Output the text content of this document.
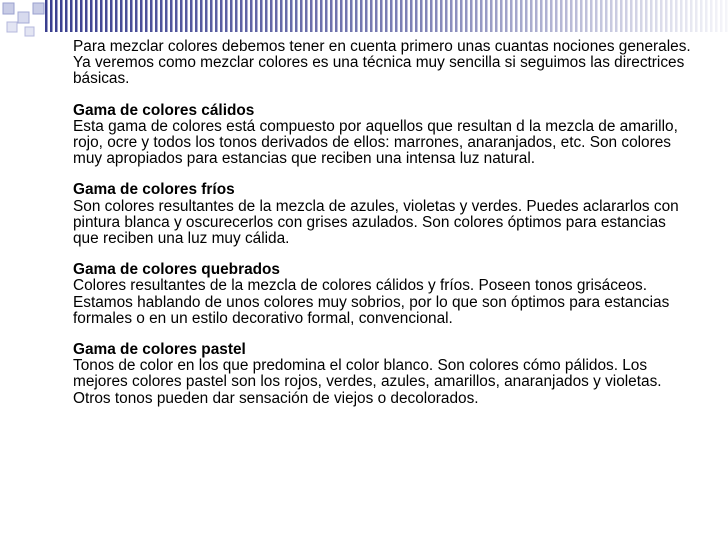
Para mezclar colores debemos tener en cuenta primero unas cuantas nociones generales. Ya veremos como mezclar colores es una técnica muy sencilla si seguimos las directrices básicas.

Gama de colores cálidos
Esta gama de colores está compuesto por aquellos que resultan d la mezcla de amarillo, rojo, ocre y todos los tonos derivados de ellos: marrones, anaranjados, etc. Son colores muy apropiados para estancias que reciben una intensa luz natural.

Gama de colores fríos
Son colores resultantes de la mezcla de azules, violetas y verdes. Puedes aclararlos con pintura blanca y oscurecerlos con grises azulados. Son colores óptimos para estancias que reciben una luz muy cálida.

Gama de colores quebrados
Colores resultantes de la mezcla de colores cálidos y fríos. Poseen tonos grisáceos. Estamos hablando de unos colores muy sobrios, por lo que son óptimos para estancias formales o en un estilo decorativo formal, convencional.

Gama de colores pastel
Tonos de color en los que predomina el color blanco. Son colores cómo pálidos. Los mejores colores pastel son los rojos, verdes, azules, amarillos, anaranjados y violetas. Otros tonos pueden dar sensación de viejos o decolorados.
